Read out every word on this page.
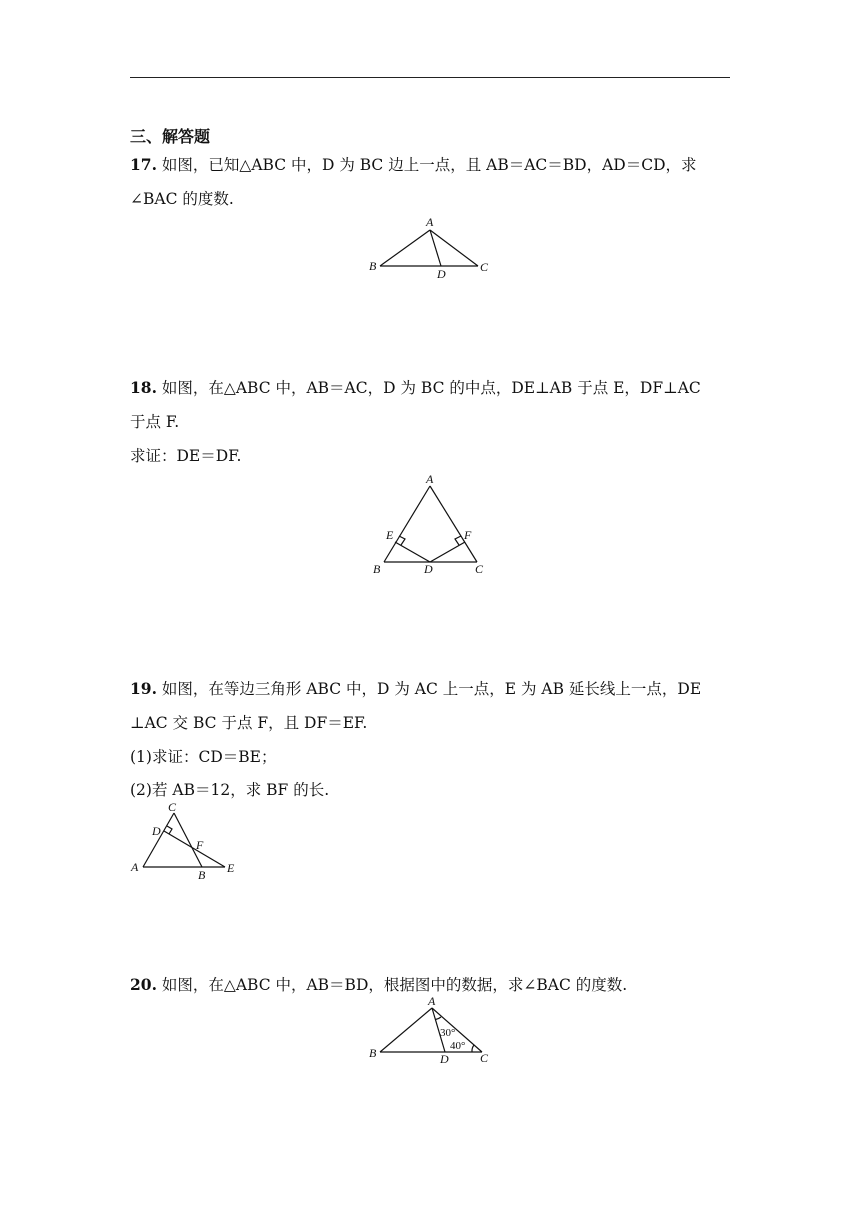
三、解答题
17. 如图，已知△ABC 中，D 为 BC 边上一点，且 AB＝AC＝BD，AD＝CD，求
∠BAC 的度数.
A
B	C
D
18. 如图，在△ABC 中，AB＝AC，D 为 BC 的中点，DE⊥AB 于点 E，DF⊥AC
于点 F.
求证：DE＝DF.
A
B	C
D
E	F
19. 如图，在等边三角形 ABC 中，D 为 AC 上一点，E 为 AB 延长线上一点，DE
⊥AC 交 BC 于点 F，且 DF＝EF.
(1)求证：CD＝BE；
(2)若 AB＝12，求 BF 的长.
C
D
F
A
B E
20. 如图，在△ABC 中，AB＝BD，根据图中的数据，求∠BAC 的度数.
A
B	C
D
30°
40°
